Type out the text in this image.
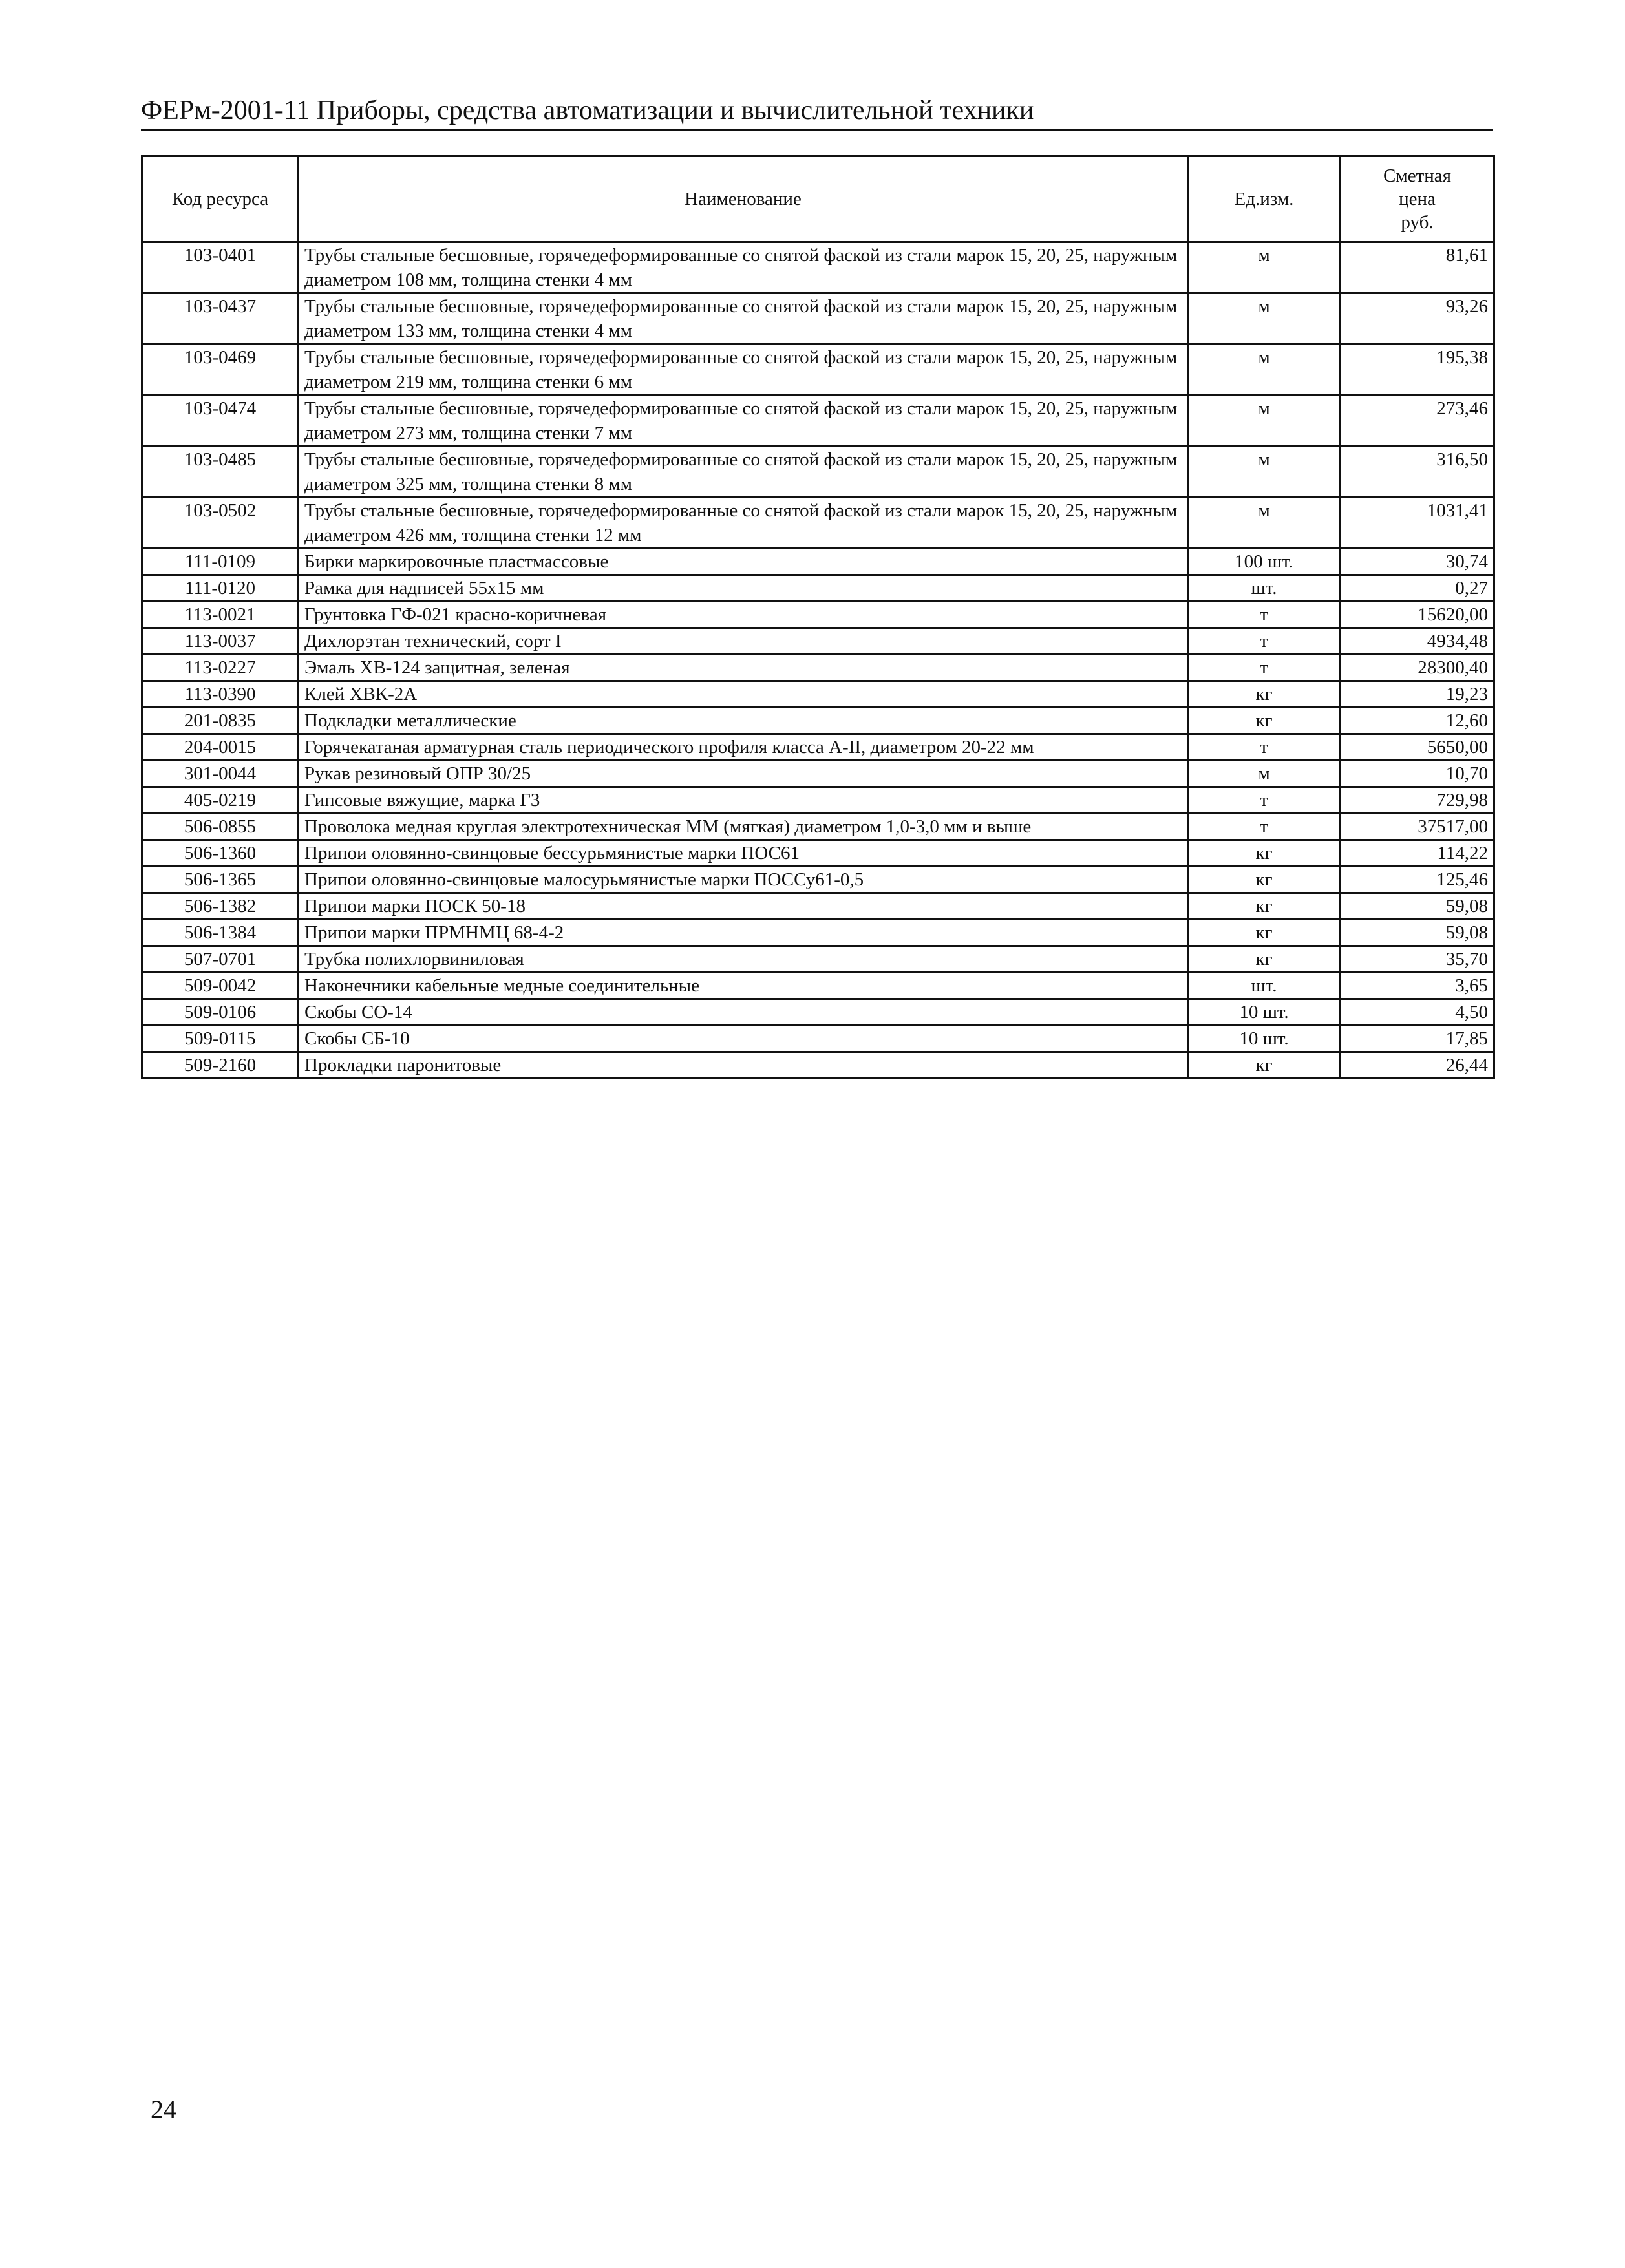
ФЕРм-2001-11 Приборы, средства автоматизации и вычислительной техники
Код ресурса	Наименование	Ед.изм.	Сметная
цена
руб.

103-0401	Трубы стальные бесшовные, горячедеформированные со снятой фаской из стали марок 15, 20, 25, наружным диаметром 108 мм, толщина стенки 4 мм	м	81,61
103-0437	Трубы стальные бесшовные, горячедеформированные со снятой фаской из стали марок 15, 20, 25, наружным диаметром 133 мм, толщина стенки 4 мм	м	93,26
103-0469	Трубы стальные бесшовные, горячедеформированные со снятой фаской из стали марок 15, 20, 25, наружным диаметром 219 мм, толщина стенки 6 мм	м	195,38
103-0474	Трубы стальные бесшовные, горячедеформированные со снятой фаской из стали марок 15, 20, 25, наружным диаметром 273 мм, толщина стенки 7 мм	м	273,46
103-0485	Трубы стальные бесшовные, горячедеформированные со снятой фаской из стали марок 15, 20, 25, наружным диаметром 325 мм, толщина стенки 8 мм	м	316,50
103-0502	Трубы стальные бесшовные, горячедеформированные со снятой фаской из стали марок 15, 20, 25, наружным диаметром 426 мм, толщина стенки 12 мм	м	1031,41
111-0109	Бирки маркировочные пластмассовые	100 шт.	30,74
111-0120	Рамка для надписей 55х15 мм	шт.	0,27
113-0021	Грунтовка ГФ-021 красно-коричневая	т	15620,00
113-0037	Дихлорэтан технический, сорт I	т	4934,48
113-0227	Эмаль ХВ-124 защитная, зеленая	т	28300,40
113-0390	Клей ХВК-2А	кг	19,23
201-0835	Подкладки металлические	кг	12,60
204-0015	Горячекатаная арматурная сталь периодического профиля класса А-II, диаметром 20-22 мм	т	5650,00
301-0044	Рукав резиновый ОПР 30/25	м	10,70
405-0219	Гипсовые вяжущие, марка Г3	т	729,98
506-0855	Проволока медная круглая электротехническая ММ (мягкая) диаметром 1,0-3,0 мм и выше	т	37517,00
506-1360	Припои оловянно-свинцовые бессурьмянистые марки ПОС61	кг	114,22
506-1365	Припои оловянно-свинцовые малосурьмянистые марки ПОССу61-0,5	кг	125,46
506-1382	Припои марки ПОСК 50-18	кг	59,08
506-1384	Припои марки ПРМНМЦ 68-4-2	кг	59,08
507-0701	Трубка полихлорвиниловая	кг	35,70
509-0042	Наконечники кабельные медные соединительные	шт.	3,65
509-0106	Скобы СО-14	10 шт.	4,50
509-0115	Скобы СБ-10	10 шт.	17,85
509-2160	Прокладки паронитовые	кг	26,44
24
